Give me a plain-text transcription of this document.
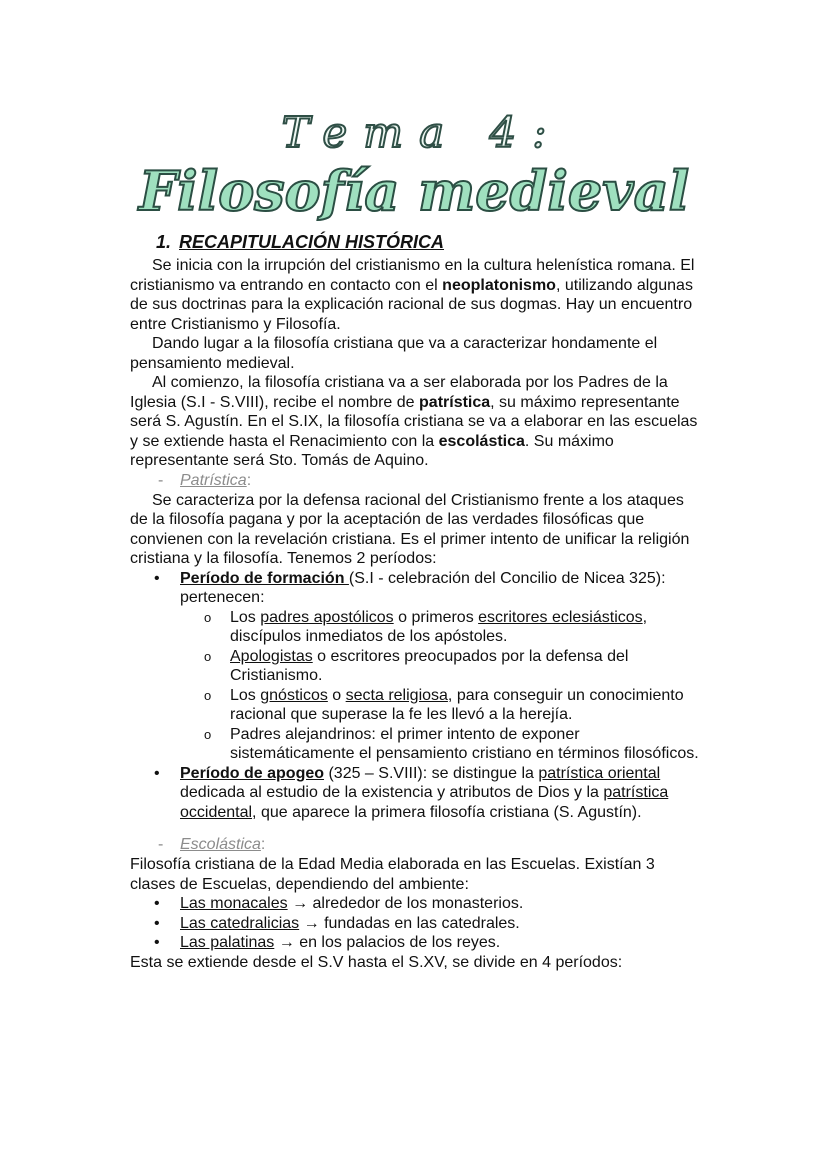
Tema 4:
Filosofía medieval
1. RECAPITULACIÓN HISTÓRICA

Se inicia con la irrupción del cristianismo en la cultura helenística romana. El cristianismo va entrando en contacto con el neoplatonismo, utilizando algunas de sus doctrinas para la explicación racional de sus dogmas. Hay un encuentro entre Cristianismo y Filosofía.

Dando lugar a la filosofía cristiana que va a caracterizar hondamente el pensamiento medieval.

Al comienzo, la filosofía cristiana va a ser elaborada por los Padres de la Iglesia (S.I - S.VIII), recibe el nombre de patrística, su máximo representante será S. Agustín. En el S.IX, la filosofía cristiana se va a elaborar en las escuelas y se extiende hasta el Renacimiento con la escolástica. Su máximo representante será Sto. Tomás de Aquino.

- Patrística:

Se caracteriza por la defensa racional del Cristianismo frente a los ataques de la filosofía pagana y por la aceptación de las verdades filosóficas que convienen con la revelación cristiana. Es el primer intento de unificar la religión cristiana y la filosofía. Tenemos 2 períodos:

• Período de formación (S.I - celebración del Concilio de Nicea 325): pertenecen:
o Los padres apostólicos o primeros escritores eclesiásticos, discípulos inmediatos de los apóstoles.
o Apologistas o escritores preocupados por la defensa del Cristianismo.
o Los gnósticos o secta religiosa, para conseguir un conocimiento racional que superase la fe les llevó a la herejía.
o Padres alejandrinos: el primer intento de exponer sistemáticamente el pensamiento cristiano en términos filosóficos.
• Período de apogeo (325 – S.VIII): se distingue la patrística oriental dedicada al estudio de la existencia y atributos de Dios y la patrística occidental, que aparece la primera filosofía cristiana (S. Agustín).
- Escolástica:

Filosofía cristiana de la Edad Media elaborada en las Escuelas. Existían 3 clases de Escuelas, dependiendo del ambiente:

• Las monacales → alrededor de los monasterios.
• Las catedralicias → fundadas en las catedrales.
• Las palatinas → en los palacios de los reyes.

Esta se extiende desde el S.V hasta el S.XV, se divide en 4 períodos:
